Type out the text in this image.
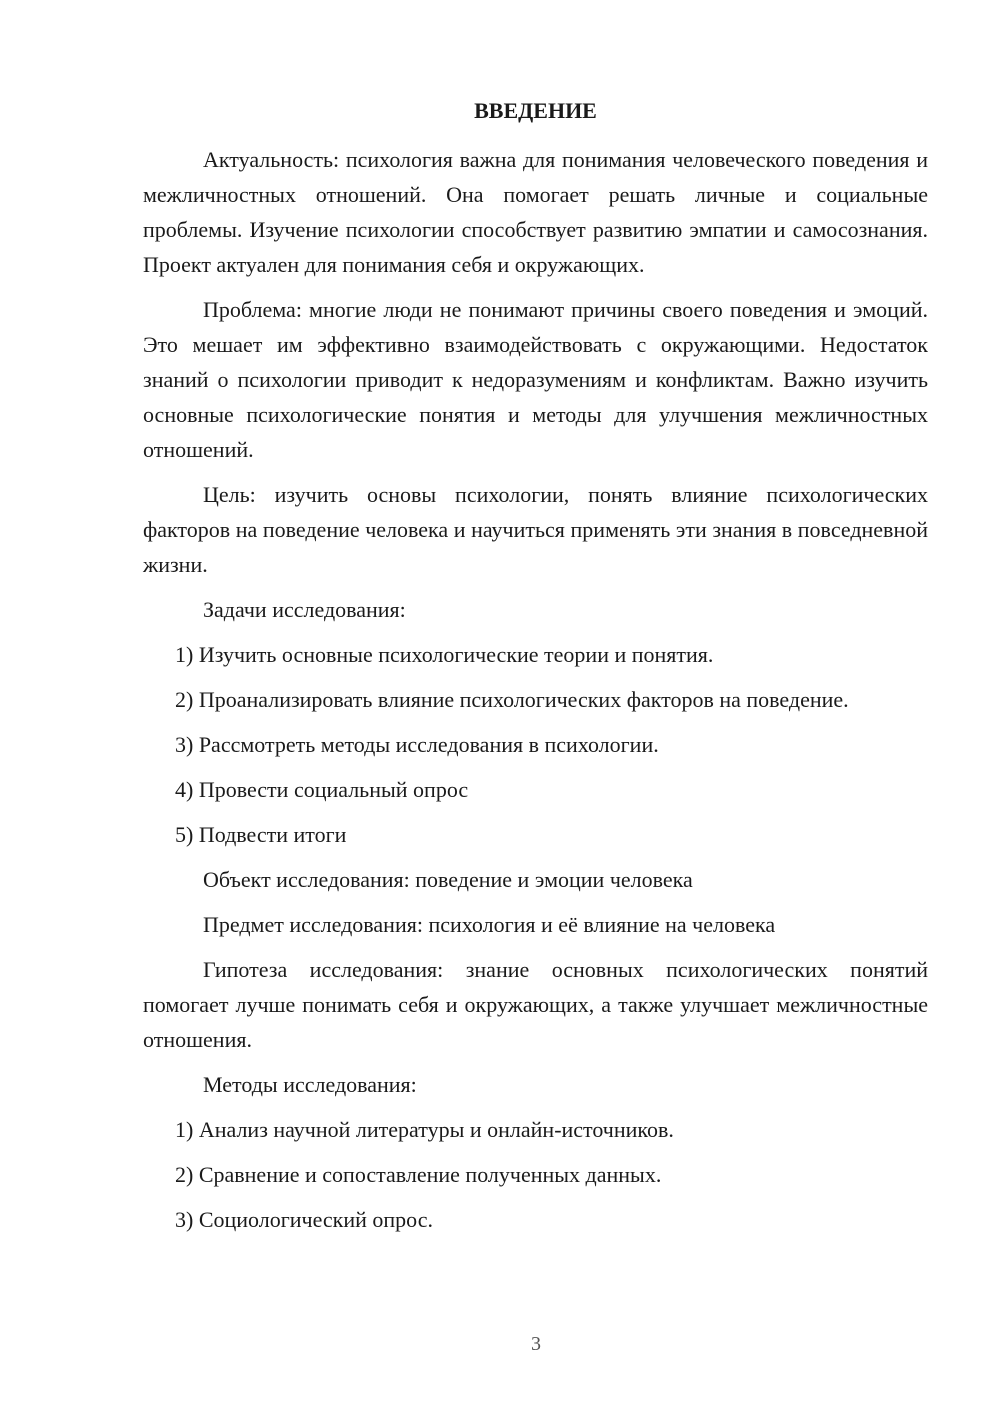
ВВЕДЕНИЕ

Актуальность: психология важна для понимания человеческого поведения и межличностных отношений. Она помогает решать личные и социальные проблемы. Изучение психологии способствует развитию эмпатии и самосознания. Проект актуален для понимания себя и окружающих.

Проблема: многие люди не понимают причины своего поведения и эмоций. Это мешает им эффективно взаимодействовать с окружающими. Недостаток знаний о психологии приводит к недоразумениям и конфликтам. Важно изучить основные психологические понятия и методы для улучшения межличностных отношений.

Цель: изучить основы психологии, понять влияние психологических факторов на поведение человека и научиться применять эти знания в повседневной жизни.

Задачи исследования:

1) Изучить основные психологические теории и понятия.

2) Проанализировать влияние психологических факторов на поведение.

3) Рассмотреть методы исследования в психологии.

4) Провести социальный опрос

5) Подвести итоги

Объект исследования: поведение и эмоции человека

Предмет исследования: психология и её влияние на человека

Гипотеза исследования: знание основных психологических понятий помогает лучше понимать себя и окружающих, а также улучшает межличностные отношения.

Методы исследования:

1) Анализ научной литературы и онлайн-источников.

2) Сравнение и сопоставление полученных данных.

3) Социологический опрос.

3
